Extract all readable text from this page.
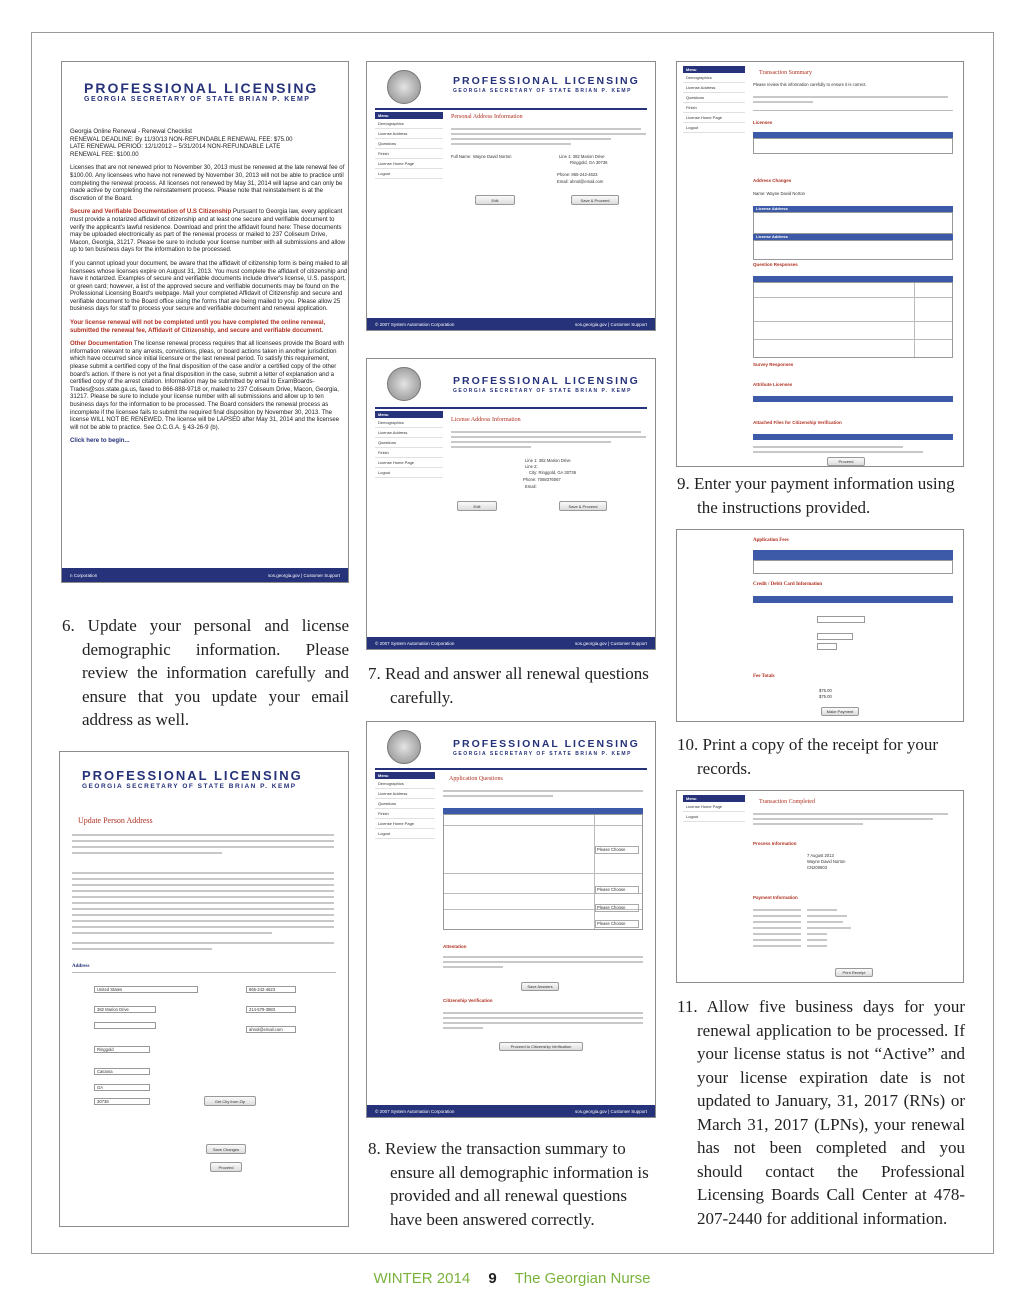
PROFESSIONAL LICENSING
GEORGIA SECRETARY OF STATE BRIAN P. KEMP
Georgia Online Renewal - Renewal Checklist
RENEWAL DEADLINE: By 11/30/13 NON-REFUNDABLE RENEWAL FEE: $75.00
LATE RENEWAL PERIOD: 12/1/2012 – 5/31/2014 NON-REFUNDABLE LATE
RENEWAL FEE: $100.00
Licenses that are not renewed prior to November 30, 2013 must be renewed at the late renewal fee of $100.00. Any licensees who have not renewed by November 30, 2013 will not be able to practice until completing the renewal process. All licenses not renewed by May 31, 2014 will lapse and can only be made active by completing the reinstatement process. Please note that reinstatement is at the discretion of the Board.
Secure and Verifiable Documentation of U.S Citizenship Pursuant to Georgia law, every applicant must provide a notarized affidavit of citizenship and at least one secure and verifiable document to verify the applicant's lawful residence. Download and print the affidavit found here: These documents may be uploaded electronically as part of the renewal process or mailed to 237 Coliseum Drive, Macon, Georgia, 31217. Please be sure to include your license number with all submissions and allow up to ten business days for the information to be processed.
If you cannot upload your document, be aware that the affidavit of citizenship form is being mailed to all licensees whose licenses expire on August 31, 2013. You must complete the affidavit of citizenship and have it notarized. Examples of secure and verifiable documents include driver's license, U.S. passport, or green card; however, a list of the approved secure and verifiable documents may be found on the Professional Licensing Board's webpage. Mail your completed Affidavit of Citizenship and secure and verifiable document to the Board office using the forms that are being mailed to you. Please allow 25 business days for staff to process your secure and verifiable document and renewal application.
Your license renewal will not be completed until you have completed the online renewal, submitted the renewal fee, Affidavit of Citizenship, and secure and verifiable document.
Other Documentation The license renewal process requires that all licensees provide the Board with information relevant to any arrests, convictions, pleas, or board actions taken in another jurisdiction which have occurred since initial licensure or the last renewal period. To satisfy this requirement, please submit a certified copy of the final disposition of the case and/or a certified copy of the other board's action. If there is not yet a final disposition in the case, submit a letter of explanation and a certified copy of the arrest citation. Information may be submitted by email to ExamBoards-Trades@sos.state.ga.us, faxed to 866-888-9718 or, mailed to 237 Coliseum Drive, Macon, Georgia, 31217. Please be sure to include your license number with all submissions and allow up to ten business days for the information to be processed. The Board considers the renewal process as incomplete if the licensee fails to submit the required final disposition by November 30, 2013. The license WILL NOT BE RENEWED. The license will be LAPSED after May 31, 2014 and the licensee will not be able to practice. See O.C.G.A. § 43-26-9 (b).
Click here to begin...
n Corporation	sos.georgia.gov | Customer Support
PROFESSIONAL LICENSING
GEORGIA SECRETARY OF STATE BRIAN P. KEMP
Menu
Demographics
License Address
Questions
Finish
License Home Page
Logout
Personal Address Information
Full Name: Wayne David Norton	Line 1: 382 Marion Drive
Ringgold, GA 30736
Phone: 865-242-4623
Email: ahnol@email.com
Edit	Save & Proceed
© 2007 System Automation Corporation	sos.georgia.gov | Customer Support
PROFESSIONAL LICENSING
GEORGIA SECRETARY OF STATE BRIAN P. KEMP
Menu
Demographics
License Address
Questions
Finish
License Home Page
Logout
License Address Information
Line 1: 382 Marion Drive
Line 2:
City: Ringgold, GA 30736
Phone: 7068376067
Email:
Edit	Save & Proceed
© 2007 System Automation Corporation	sos.georgia.gov | Customer Support
Menu
Demographics
License Address
Questions
Finish
License Home Page
Logout
Transaction Summary
Please review this information carefully to ensure it is correct.
Licenses
Address Changes
Name: Wayne David Norton
License Address
License Address
Question Responses
Survey Responses
Attribute Licenses
Attached Files for Citizenship Verification
Proceed
Application Fees
Credit / Debit Card Information
Fee Totals
$75.00
$75.00
Make Payment
Menu
License Home Page
Logout
Transaction Completed
Process Information
7 August 2013
Wayne David Norton
CN200603
Payment Information
Print Receipt
PROFESSIONAL LICENSING
GEORGIA SECRETARY OF STATE BRIAN P. KEMP
Update Person Address
Address
United States
382 Marion Drive
Ringgold
Catoosa
GA
30736
865-242-4623
214-579-3883
ahnol@email.com
Get City from Zip
Save Changes
Proceed
PROFESSIONAL LICENSING
GEORGIA SECRETARY OF STATE BRIAN P. KEMP
Menu
Demographics
License Address
Questions
Finish
License Home Page
Logout
Application Questions
Please Choose
Please Choose
Please Choose
Please Choose
Attestation
Save Answers
Citizenship Verification
Proceed to Citizenship Verification
© 2007 System Automation Corporation	sos.georgia.gov | Customer Support
6. Update your personal and license demographic information. Please review the information carefully and ensure that you update your email address as well.
7. Read and answer all renewal questions carefully.
8. Review the transaction summary to ensure all demographic information is provided and all renewal questions have been answered correctly.
9. Enter your payment information using the instructions provided.
10. Print a copy of the receipt for your records.
11. Allow five business days for your renewal application to be processed. If your license status is not “Active” and your license expiration date is not updated to January, 31, 2017 (RNs) or March 31, 2017 (LPNs), your renewal has not been completed and you should contact the Professional Licensing Boards Call Center at 478-207-2440 for additional information.
WINTER 2014 9 The Georgian Nurse
